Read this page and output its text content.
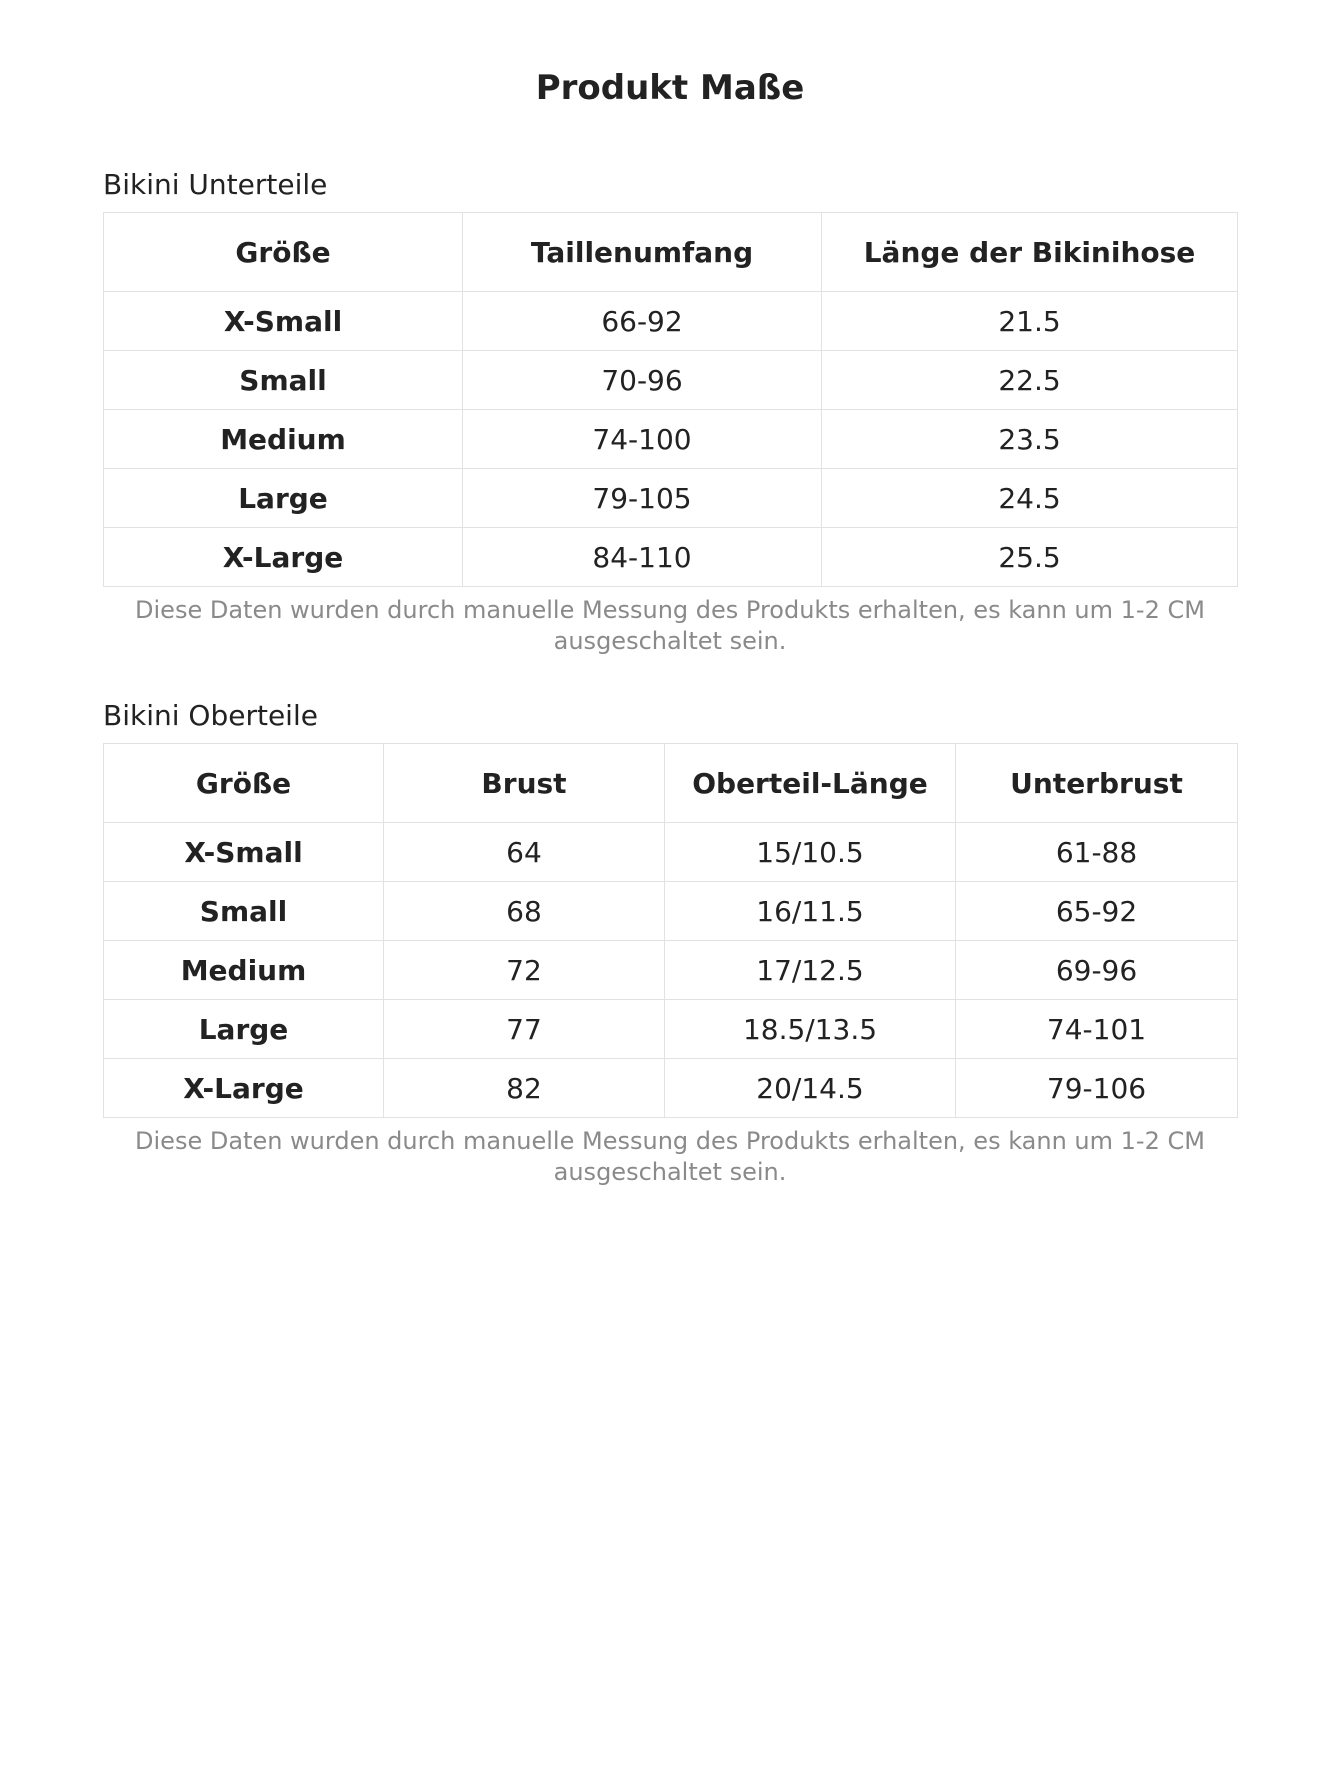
Produkt Maße
Bikini Unterteile
Größe	Taillenumfang	Länge der Bikinihose
X-Small	66-92	21.5
Small	70-96	22.5
Medium	74-100	23.5
Large	79-105	24.5
X-Large	84-110	25.5
Diese Daten wurden durch manuelle Messung des Produkts erhalten, es kann um 1-2 CM ausgeschaltet sein.
Bikini Oberteile
Größe	Brust	Oberteil-Länge	Unterbrust
X-Small	64	15/10.5	61-88
Small	68	16/11.5	65-92
Medium	72	17/12.5	69-96
Large	77	18.5/13.5	74-101
X-Large	82	20/14.5	79-106
Diese Daten wurden durch manuelle Messung des Produkts erhalten, es kann um 1-2 CM ausgeschaltet sein.
